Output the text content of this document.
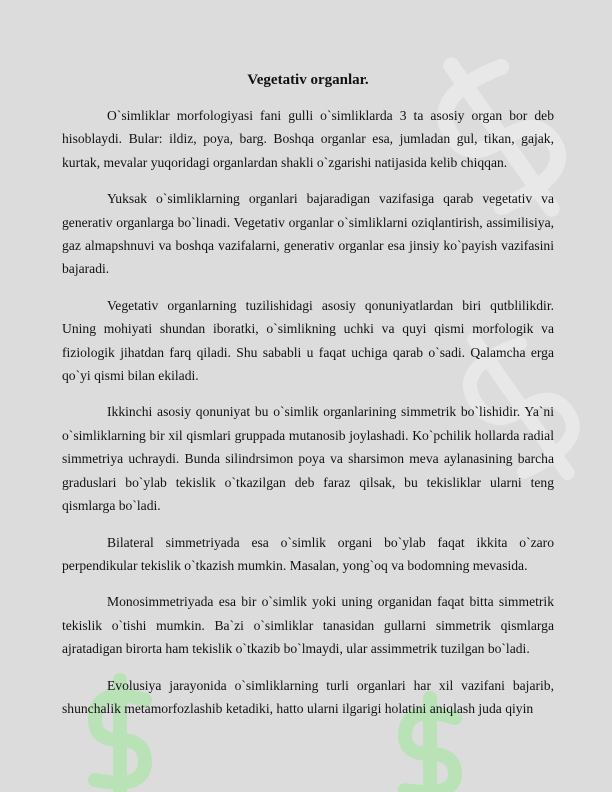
Vegetativ organlar.

O`simliklar morfologiyasi fani gulli o`simliklarda 3 ta asosiy organ bor deb hisoblaydi. Bular: ildiz, poya, barg. Boshqa organlar esa, jumladan gul, tikan, gajak, kurtak, mevalar yuqoridagi organlardan shakli o`zgarishi natijasida kelib chiqqan.

Yuksak o`simliklarning organlari bajaradigan vazifasiga qarab vegetativ va generativ organlarga bo`linadi. Vegetativ organlar o`simliklarni oziqlantirish, assimilisiya, gaz almapshnuvi va boshqa vazifalarni, generativ organlar esa jinsiy ko`payish vazifasini bajaradi.

Vegetativ organlarning tuzilishidagi asosiy qonuniyatlardan biri qutblilikdir. Uning mohiyati shundan iboratki, o`simlikning uchki va quyi qismi morfologik va fiziologik jihatdan farq qiladi. Shu sababli u faqat uchiga qarab o`sadi. Qalamcha erga qo`yi qismi bilan ekiladi.

Ikkinchi asosiy qonuniyat bu o`simlik organlarining simmetrik bo`lishidir. Ya`ni o`simliklarning bir xil qismlari gruppada mutanosib joylashadi. Ko`pchilik hollarda radial simmetriya uchraydi. Bunda silindrsimon poya va sharsimon meva aylanasining barcha graduslari bo`ylab tekislik o`tkazilgan deb faraz qilsak, bu tekisliklar ularni teng qismlarga bo`ladi.

Bilateral simmetriyada esa o`simlik organi bo`ylab faqat ikkita o`zaro perpendikular tekislik o`tkazish mumkin. Masalan, yong`oq va bodomning mevasida.

Monosimmetriyada esa bir o`simlik yoki uning organidan faqat bitta simmetrik tekislik o`tishi mumkin. Ba`zi o`simliklar tanasidan gullarni simmetrik qismlarga ajratadigan birorta ham tekislik o`tkazib bo`lmaydi, ular assimmetrik tuzilgan bo`ladi.

Evolusiya jarayonida o`simliklarning turli organlari har xil vazifani bajarib, shunchalik metamorfozlashib ketadiki, hatto ularni ilgarigi holatini aniqlash juda qiyin
